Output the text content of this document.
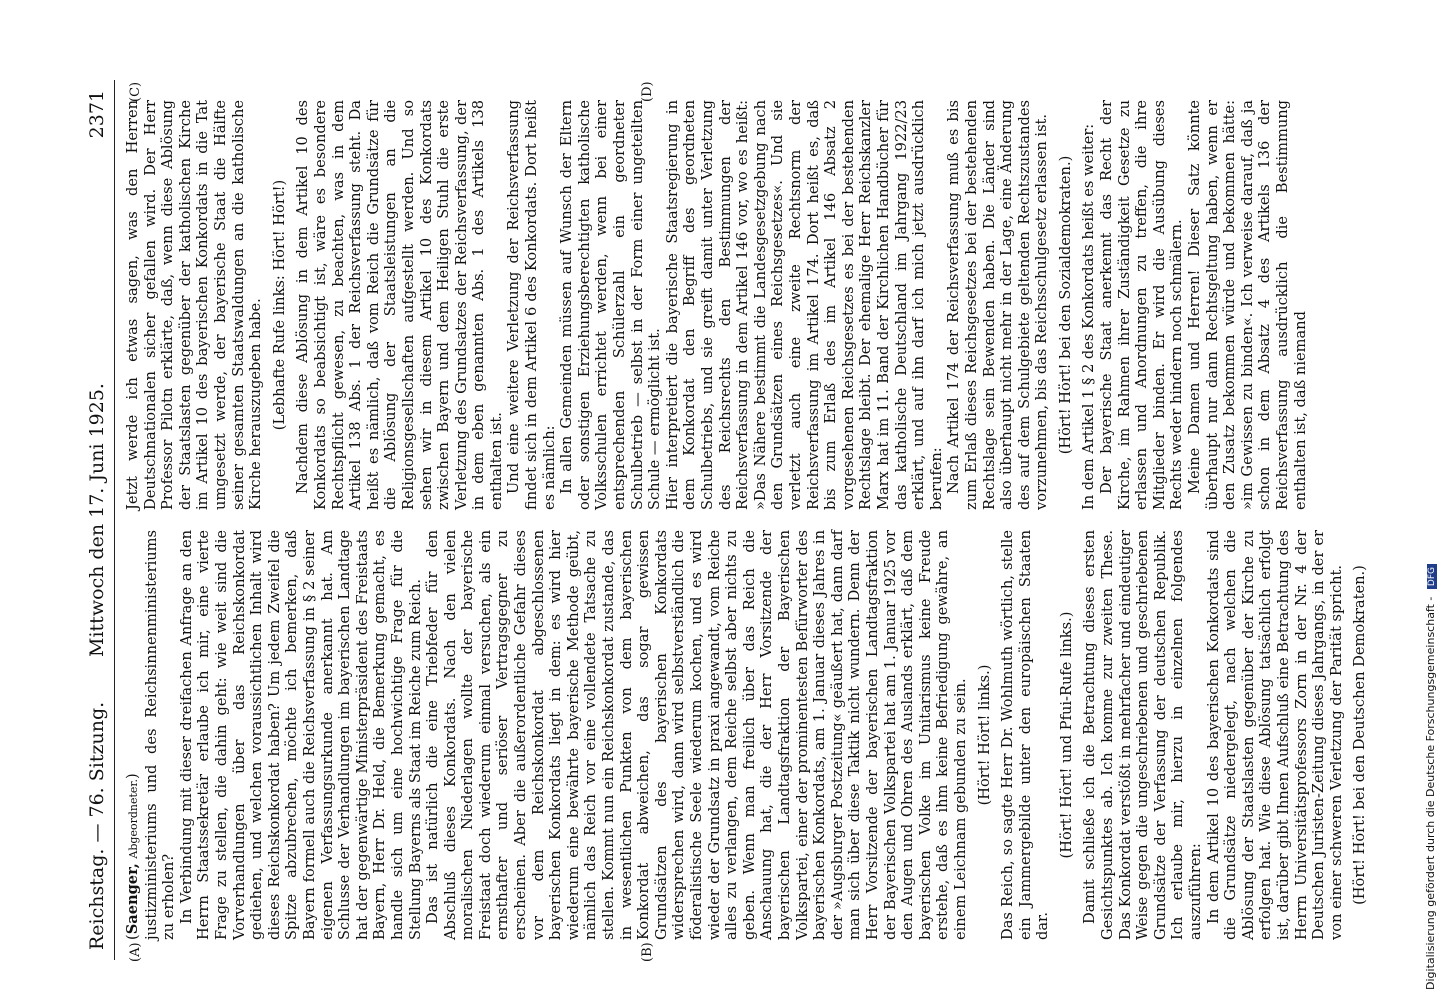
Reichstag. — 76. Sitzung.
Mittwoch den 17. Juni 1925.
2371
(A)	(B)
(C)	(D)

(Saenger, Abgeordneter.) justizministeriums und des Reichsinnenministeriums zu erholen? In Verbindung mit dieser dreifachen Anfrage an den Herrn Staatssekretär erlaube ich mir, eine vierte Frage zu stellen, die dahin geht: wie weit sind die Vorverhandlungen über das Reichskonkordat gediehen, und welchen voraussichtlichen Inhalt wird dieses Reichskonkordat haben? Um jedem Zweifel die Spitze abzubrechen, möchte ich bemerken, daß Bayern formell auch die Reichsverfassung in § 2 seiner eigenen Verfassungsurkunde anerkannt hat. Am Schlusse der Verhandlungen im bayerischen Landtage hat der gegenwärtige Ministerpräsident des Freistaats Bayern, Herr Dr. Held, die Bemerkung gemacht, es handle sich um eine hochwichtige Frage für die Stellung Bayerns als Staat im Reiche zum Reich. Das ist natürlich die eine Triebfeder für den Abschluß dieses Konkordats. Nach den vielen moralischen Niederlagen wollte der bayerische Freistaat doch wiederum einmal versuchen, als ein ernsthafter und seriöser Vertragsgegner zu erscheinen. Aber die außerordentliche Gefahr dieses vor dem Reichskonkordat abgeschlossenen bayerischen Konkordats liegt in dem: es wird hier wiederum eine bewährte bayerische Methode geübt, nämlich das Reich vor eine vollendete Tatsache zu stellen. Kommt nun ein Reichskonkordat zustande, das in wesentlichen Punkten von dem bayerischen Konkordat abweichen, das sogar gewissen Grundsätzen des bayerischen Konkordats widersprechen wird, dann wird selbstverständlich die föderalistische Seele wiederum kochen, und es wird wieder der Grundsatz in praxi angewandt, vom Reiche alles zu verlangen, dem Reiche selbst aber nichts zu geben. Wenn man freilich über das Reich die Anschauung hat, die der Herr Vorsitzende der bayerischen Landtagsfraktion der Bayerischen Volkspartei, einer der prominentesten Befürworter des bayerischen Konkordats, am 1. Januar dieses Jahres in der »Augsburger Postzeitung« geäußert hat, dann darf man sich über diese Taktik nicht wundern. Denn der Herr Vorsitzende der bayerischen Landtagsfraktion der Bayerischen Volkspartei hat am 1. Januar 1925 vor den Augen und Ohren des Auslands erklärt, daß dem bayerischen Volke im Unitarismus keine Freude erstehe, daß es ihm keine Befriedigung gewähre, an einem Leichnam gebunden zu sein. (Hört! Hört! links.) Das Reich, so sagte Herr Dr. Wohlmuth wörtlich, stelle ein Jammergebilde unter den europäischen Staaten dar.

(Hört! Hört! und Pfui-Rufe links.) Damit schließe ich die Betrachtung dieses ersten Gesichtspunktes ab. Ich komme zur zweiten These. Das Konkordat verstößt in mehrfacher und eindeutiger Weise gegen die ungeschriebenen und geschriebenen Grundsätze der Verfassung der deutschen Republik. Ich erlaube mir, hierzu in einzelnen folgendes auszuführen: In dem Artikel 10 des bayerischen Konkordats sind die Grundsätze niedergelegt, nach welchen die Ablösung der Staatslasten gegenüber der Kirche zu erfolgen hat. Wie diese Ablösung tatsächlich erfolgt ist, darüber gibt Ihnen Aufschluß eine Betrachtung des Herrn Universitätsprofessors Zorn in der Nr. 4 der Deutschen Juristen-Zeitung dieses Jahrgangs, in der er von einer schweren Verletzung der Parität spricht. (Hört! Hört! bei den Deutschen Demokraten.)

Jetzt werde ich etwas sagen, was den Herren Deutschnationalen sicher gefallen wird. Der Herr Professor Pilotn erklärte, daß, wenn diese Ablösung der Staatslasten gegenüber der katholischen Kirche im Artikel 10 des bayerischen Konkordats in die Tat umgesetzt werde, der bayerische Staat die Hälfte seiner gesamten Staatswaldungen an die katholische Kirche herauszugeben habe. (Lebhafte Rufe links: Hört! Hört!) Nachdem diese Ablösung in dem Artikel 10 des Konkordats so beabsichtigt ist, wäre es besondere Rechtspflicht gewesen, zu beachten, was in dem Artikel 138 Abs. 1 der Reichsverfassung steht. Da heißt es nämlich, daß vom Reich die Grundsätze für die Ablösung der Staatsleistungen an die Religionsgesellschaften aufgestellt werden. Und so sehen wir in diesem Artikel 10 des Konkordats zwischen Bayern und dem Heiligen Stuhl die erste Verletzung des Grundsatzes der Reichsverfassung, der in dem eben genannten Abs. 1 des Artikels 138 enthalten ist. Und eine weitere Verletzung der Reichsverfassung findet sich in dem Artikel 6 des Konkordats. Dort heißt es nämlich: In allen Gemeinden müssen auf Wunsch der Eltern oder sonstigen Erziehungsberechtigten katholische Volksschulen errichtet werden, wenn bei einer entsprechenden Schülerzahl ein geordneter Schulbetrieb — selbst in der Form einer ungeteilten Schule — ermöglicht ist. Hier interpretiert die bayerische Staatsregierung in dem Konkordat den Begriff des geordneten Schulbetriebs, und sie greift damit unter Verletzung des Reichsrechts den Bestimmungen der Reichsverfassung in dem Artikel 146 vor, wo es heißt: »Das Nähere bestimmt die Landesgesetzgebung nach den Grundsätzen eines Reichsgesetzes«. Und sie verletzt auch eine zweite Rechtsnorm der Reichsverfassung im Artikel 174. Dort heißt es, daß bis zum Erlaß des im Artikel 146 Absatz 2 vorgesehenen Reichsgesetzes es bei der bestehenden Rechtslage bleibt. Der ehemalige Herr Reichskanzler Marx hat im 11. Band der Kirchlichen Handbücher für das katholische Deutschland im Jahrgang 1922/23 erklärt, und auf ihn darf ich mich jetzt ausdrücklich berufen: Nach Artikel 174 der Reichsverfassung muß es bis zum Erlaß dieses Reichsgesetzes bei der bestehenden Rechtslage sein Bewenden haben. Die Länder sind also überhaupt nicht mehr in der Lage, eine Änderung des auf dem Schulgebiete geltenden Rechtszustandes vorzunehmen, bis das Reichsschulgesetz erlassen ist. (Hört! Hört! bei den Sozialdemokraten.) In dem Artikel 1 § 2 des Konkordats heißt es weiter: Der bayerische Staat anerkennt das Recht der Kirche, im Rahmen ihrer Zuständigkeit Gesetze zu erlassen und Anordnungen zu treffen, die ihre Mitglieder binden. Er wird die Ausübung dieses Rechts weder hindern noch schmälern. Meine Damen und Herren! Dieser Satz könnte überhaupt nur dann Rechtsgeltung haben, wenn er den Zusatz bekommen würde und bekommen hätte: »im Gewissen zu binden«. Ich verweise darauf, daß ja schon in dem Absatz 4 des Artikels 136 der Reichsverfassung ausdrücklich die Bestimmung enthalten ist, daß niemand

Digitalisierung gefördert durch die Deutsche Forschungsgemeinschaft - DFG
